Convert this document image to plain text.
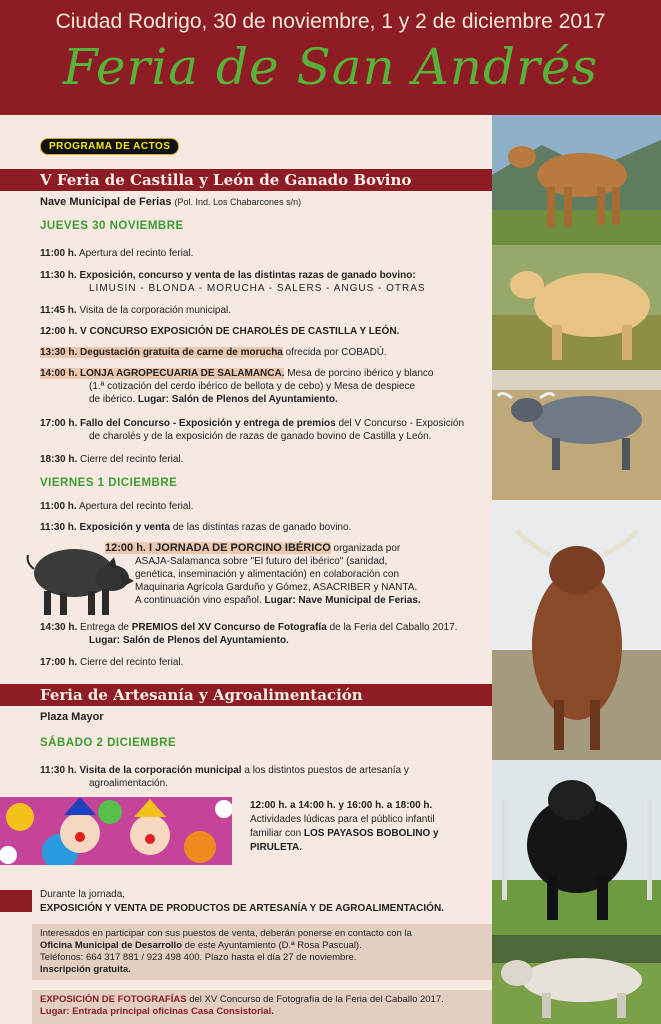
Ciudad Rodrigo, 30 de noviembre, 1 y 2 de diciembre 2017
Feria de San Andrés
PROGRAMA DE ACTOS
V Feria de Castilla y León de Ganado Bovino
Nave Municipal de Ferias (Pol. Ind. Los Chabarcones s/n)
JUEVES 30 NOVIEMBRE
11:00 h. Apertura del recinto ferial.
11:30 h. Exposición, concurso y venta de las distintas razas de ganado bovino:
LIMUSIN - BLONDA - MORUCHA - SALERS - ANGUS - OTRAS
11:45 h. Visita de la corporación municipal.
12:00 h. V CONCURSO EXPOSICIÓN DE CHAROLÉS DE CASTILLA Y LEÓN.
13:30 h. Degustación gratuita de carne de morucha ofrecida por COBADÚ.
14:00 h. LONJA AGROPECUARIA DE SALAMANCA. Mesa de porcino ibérico y blanco
(1.ª cotización del cerdo ibérico de bellota y de cebo) y Mesa de despiece
de ibérico. Lugar: Salón de Plenos del Ayuntamiento.
17:00 h. Fallo del Concurso - Exposición y entrega de premios del V Concurso - Exposición
de charolés y de la exposición de razas de ganado bovino de Castilla y León.
18:30 h. Cierre del recinto ferial.
VIERNES 1 DICIEMBRE
11:00 h. Apertura del recinto ferial.
11:30 h. Exposición y venta de las distintas razas de ganado bovino.
12:00 h. I JORNADA DE PORCINO IBÉRICO organizada por
ASAJA-Salamanca sobre "El futuro del ibérico" (sanidad,
genética, inseminación y alimentación) en colaboración con
Maquinaria Agrícola Garduño y Gómez, ASACRIBER y NANTA.
A continuación vino español. Lugar: Nave Municipal de Ferias.
14:30 h. Entrega de PREMIOS del XV Concurso de Fotografía de la Feria del Caballo 2017.
Lugar: Salón de Plenos del Ayuntamiento.
17:00 h. Cierre del recinto ferial.
Feria de Artesanía y Agroalimentación
Plaza Mayor
SÁBADO 2 DICIEMBRE
11:30 h. Visita de la corporación municipal a los distintos puestos de artesanía y
agroalimentación.
12:00 h. a 14:00 h. y 16:00 h. a 18:00 h.
Actividades lúdicas para el público infantil
familiar con LOS PAYASOS BOBOLINO y
PIRULETA.
Durante la jornada,
EXPOSICIÓN Y VENTA DE PRODUCTOS DE ARTESANÍA Y DE AGROALIMENTACIÓN.
Interesados en participar con sus puestos de venta, deberán ponerse en contacto con la
Oficina Municipal de Desarrollo de este Ayuntamiento (D.ª Rosa Pascual).
Teléfonos: 664 317 881 / 923 498 400. Plazo hasta el día 27 de noviembre.
Inscripción gratuita.
EXPOSICIÓN DE FOTOGRAFÍAS del XV Concurso de Fotografía de la Feria del Caballo 2017.
Lugar: Entrada principal oficinas Casa Consistorial.
